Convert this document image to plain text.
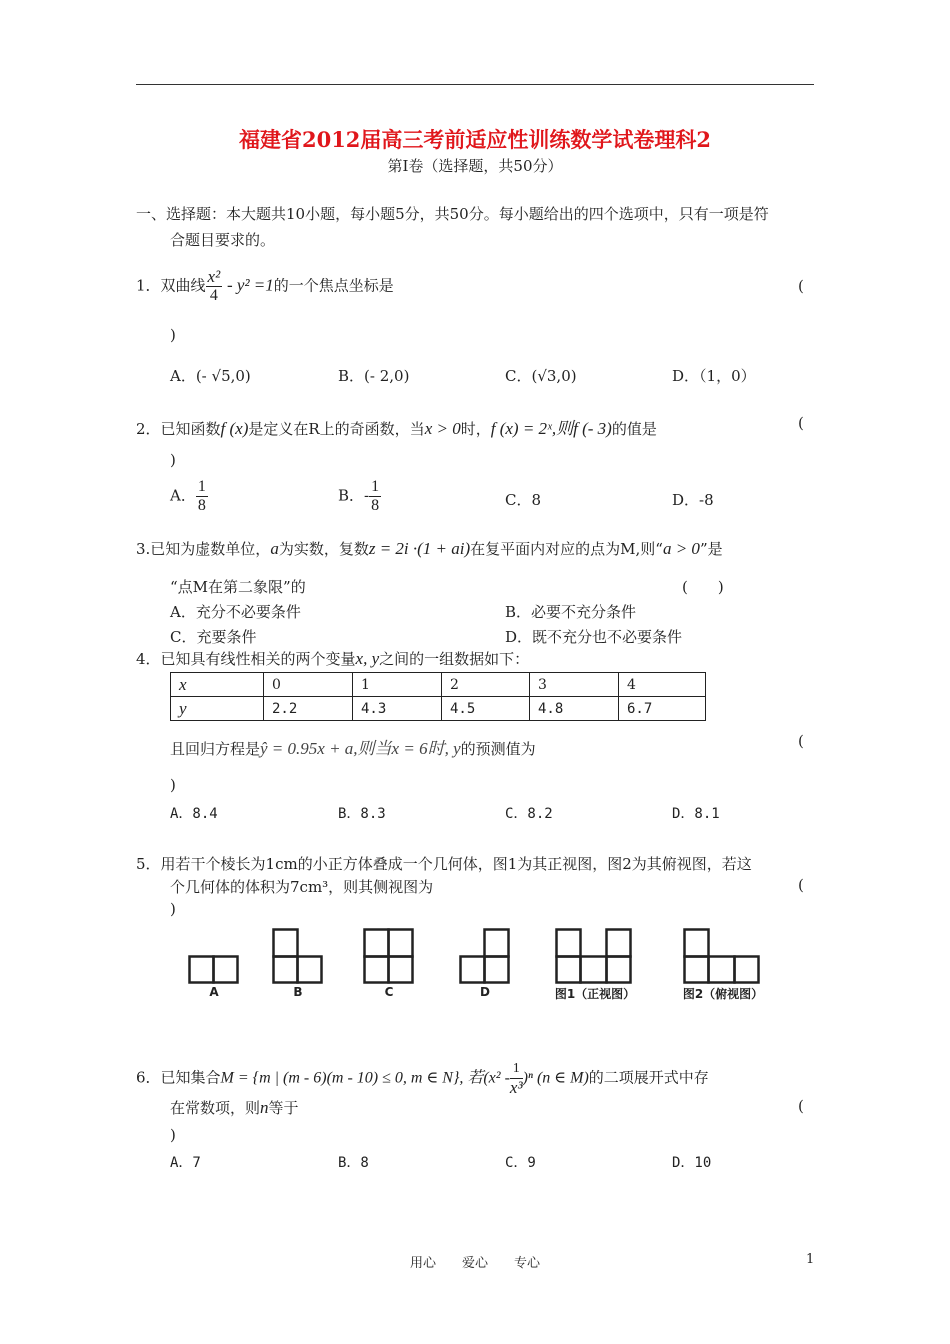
福建省2012届高三考前适应性训练数学试卷理科2
第Ⅰ卷（选择题，共50分）
一、选择题：本大题共10小题，每小题5分，共50分。每小题给出的四个选项中，只有一项是符
合题目要求的。
1．双曲线 $\frac{\text{x²}}{4} - y^2 =1$的一个焦点坐标是	(
)
A．(- √5,0)	B．(- 2,0)	C．(√3,0)	D．（1，0）
2．已知函数f (x)是定义在R上的奇函数，当x > 0时，f (x) = 2ˣ,则f (- 3)的值是	(
)
A． $\frac{1}{8}$	B．- $\frac{1}{8}$	C．8	D．-8
3.已知为虚数单位，a为实数，复数z = 2i ·(1 + ai)在复平面内对应的点为M,则“a > 0”是
“点M在第二象限”的	(　　)
A．充分不必要条件	B．必要不充分条件
C．充要条件	D．既不充分也不必要条件
4．已知具有线性相关的两个变量x, y之间的一组数据如下：
x	0	1	2	3	4
y	2.2	4.3	4.5	4.8	6.7
且回归方程是ŷ = 0.95x + a,则当x = 6时, y的预测值为	(
)
A．8.4	B．8.3	C．8.2	D．8.1
5．用若干个棱长为1cm的小正方体叠成一个几何体，图1为其正视图，图2为其俯视图，若这
个几何体的体积为7cm³，则其侧视图为	(
)
A	B	C	D	图1（正视图）	图2（俯视图）
6．已知集合M = {m | (m - 6)(m - 10) ≤ 0, m ∈ N}, 若$(x^2 - \frac{1}{\text{x³}} )^n$ (n ∈ M)的二项展开式中存
在常数项，则n等于	(
)
A．7	B．8	C．9	D．10
用心　　爱心　　专心	1
